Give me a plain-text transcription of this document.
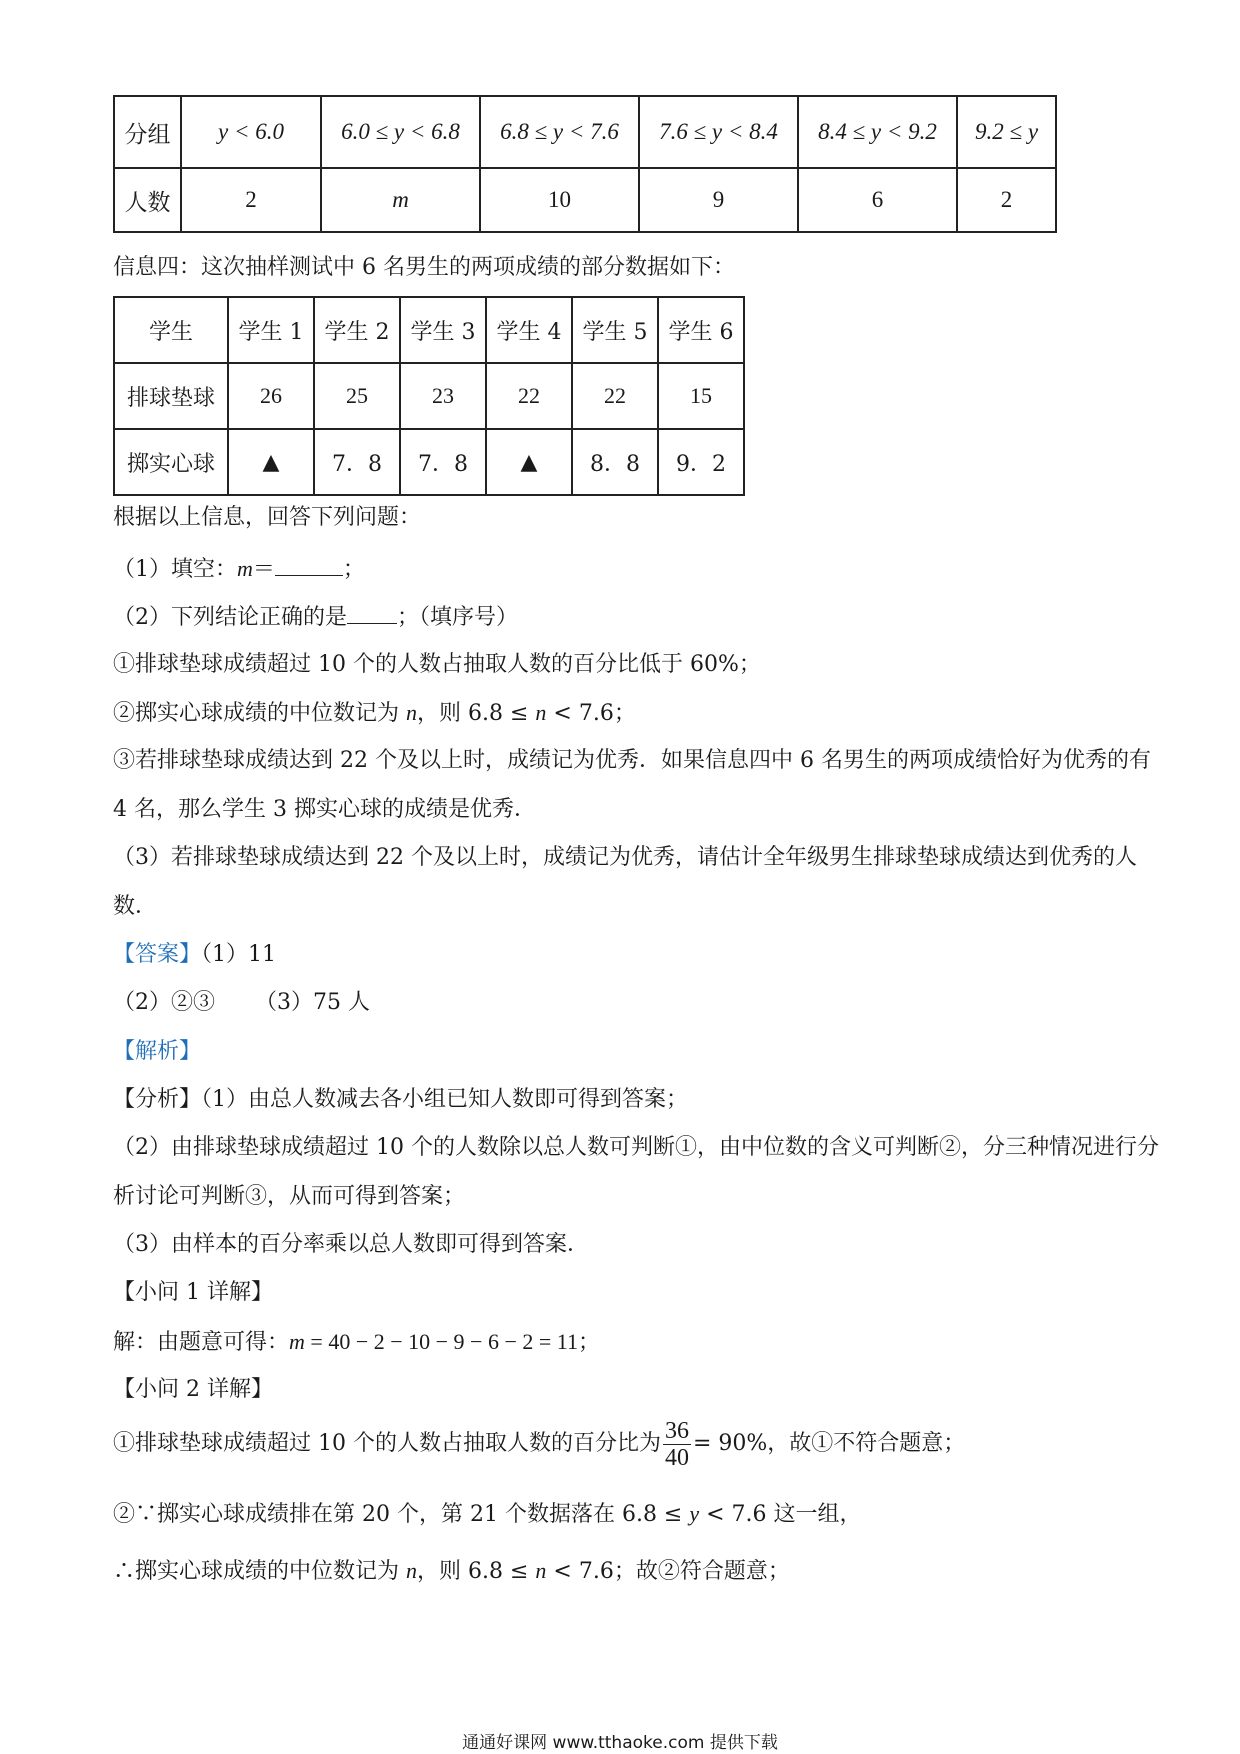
分组	y < 6.0	6.0 ≤ y < 6.8	6.8 ≤ y < 7.6	7.6 ≤ y < 8.4	8.4 ≤ y < 9.2	9.2 ≤ y
人数	2	m	10	9	6	2
信息四：这次抽样测试中 6 名男生的两项成绩的部分数据如下：
学生	学生 1	学生 2	学生 3	学生 4	学生 5	学生 6
排球垫球	26	25	23	22	22	15
掷实心球	▲	7．8	7．8	▲	8．8	9．2
根据以上信息，回答下列问题：
（1）填空：m＝	；
（2）下列结论正确的是 ；（填序号）
①排球垫球成绩超过 10 个的人数占抽取人数的百分比低于 60%；
②掷实心球成绩的中位数记为 n，则 6.8 ≤ n < 7.6；
③若排球垫球成绩达到 22 个及以上时，成绩记为优秀．如果信息四中 6 名男生的两项成绩恰好为优秀的有
4 名，那么学生 3 掷实心球的成绩是优秀．
（3）若排球垫球成绩达到 22 个及以上时，成绩记为优秀，请估计全年级男生排球垫球成绩达到优秀的人
数．
【答案】（1）11
（2）②③ （3）75 人
【解析】
【分析】（1）由总人数减去各小组已知人数即可得到答案；
（2）由排球垫球成绩超过 10 个的人数除以总人数可判断①，由中位数的含义可判断②，分三种情况进行分
析讨论可判断③，从而可得到答案；
（3）由样本的百分率乘以总人数即可得到答案．
【小问 1 详解】
解：由题意可得：m = 40 − 2 − 10 − 9 − 6 − 2 = 11；
【小问 2 详解】
①排球垫球成绩超过 10 个的人数占抽取人数的百分比为 $\frac{36}{40} = 90\%$，故①不符合题意；
②∵掷实心球成绩排在第 20 个，第 21 个数据落在 6.8 ≤ y < 7.6 这一组，
∴掷实心球成绩的中位数记为 n，则 6.8 ≤ n < 7.6；故②符合题意；
通通好课网 www.tthaoke.com 提供下载
